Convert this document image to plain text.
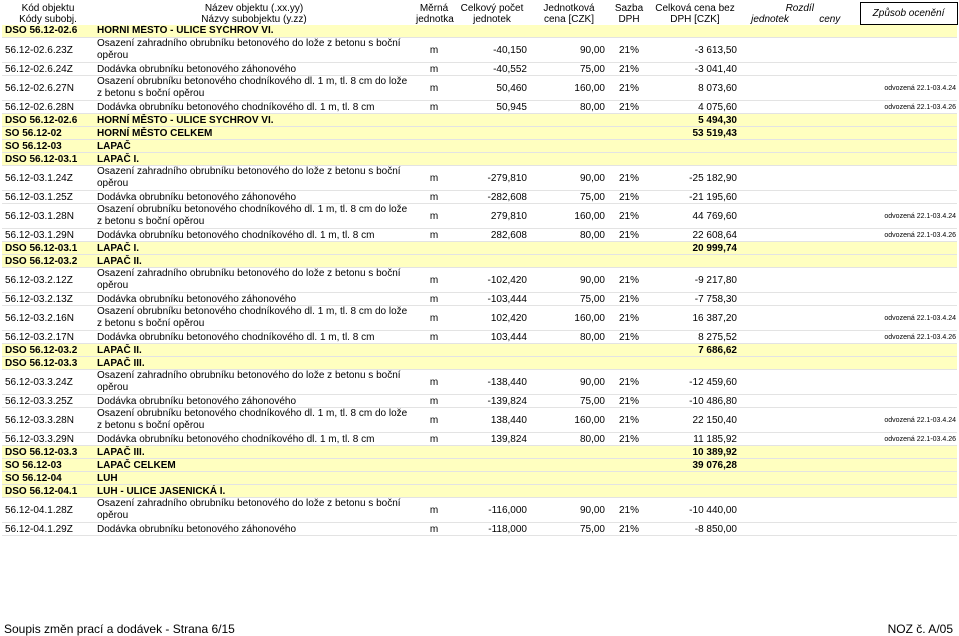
Kód objektu	Název objektu (.xx.yy)	Měrná	Celkový počet	Jednotková	Sazba	Celková cena bez	Rozdíl		Způsob ocenění
Kódy subobj.	Názvy subobjektu (y.zz)	jednotka	jednotek	cena [CZK]	DPH	DPH [CZK]	jednotek	ceny	
DSO 56.12-02.6	HORNÍ MĚSTO - ULICE SYCHROV VI.								
56.12-02.6.23Z	Osazení zahradního obrubníku betonového do lože z betonu s boční opěrou	m	-40,150	90,00	21%	-3 613,50			
56.12-02.6.24Z	Dodávka obrubníku betonového záhonového	m	-40,552	75,00	21%	-3 041,40			
56.12-02.6.27N	Osazení obrubníku betonového chodníkového dl. 1 m, tl. 8 cm do lože z betonu s boční opěrou	m	50,460	160,00	21%	8 073,60			odvozená 22.1-03.4.24
56.12-02.6.28N	Dodávka obrubníku betonového chodníkového dl. 1 m, tl. 8 cm	m	50,945	80,00	21%	4 075,60			odvozená 22.1-03.4.26
DSO 56.12-02.6	HORNÍ MĚSTO - ULICE SYCHROV VI.					5 494,30			
SO 56.12-02	HORNÍ MĚSTO CELKEM					53 519,43			
SO 56.12-03	LAPAČ								
DSO 56.12-03.1	LAPAČ I.								
56.12-03.1.24Z	Osazení zahradního obrubníku betonového do lože z betonu s boční opěrou	m	-279,810	90,00	21%	-25 182,90			
56.12-03.1.25Z	Dodávka obrubníku betonového záhonového	m	-282,608	75,00	21%	-21 195,60			
56.12-03.1.28N	Osazení obrubníku betonového chodníkového dl. 1 m, tl. 8 cm do lože z betonu s boční opěrou	m	279,810	160,00	21%	44 769,60			odvozená 22.1-03.4.24
56.12-03.1.29N	Dodávka obrubníku betonového chodníkového dl. 1 m, tl. 8 cm	m	282,608	80,00	21%	22 608,64			odvozená 22.1-03.4.26
DSO 56.12-03.1	LAPAČ I.					20 999,74			
DSO 56.12-03.2	LAPAČ II.								
56.12-03.2.12Z	Osazení zahradního obrubníku betonového do lože z betonu s boční opěrou	m	-102,420	90,00	21%	-9 217,80			
56.12-03.2.13Z	Dodávka obrubníku betonového záhonového	m	-103,444	75,00	21%	-7 758,30			
56.12-03.2.16N	Osazení obrubníku betonového chodníkového dl. 1 m, tl. 8 cm do lože z betonu s boční opěrou	m	102,420	160,00	21%	16 387,20			odvozená 22.1-03.4.24
56.12-03.2.17N	Dodávka obrubníku betonového chodníkového dl. 1 m, tl. 8 cm	m	103,444	80,00	21%	8 275,52			odvozená 22.1-03.4.26
DSO 56.12-03.2	LAPAČ II.					7 686,62			
DSO 56.12-03.3	LAPAČ III.								
56.12-03.3.24Z	Osazení zahradního obrubníku betonového do lože z betonu s boční opěrou	m	-138,440	90,00	21%	-12 459,60			
56.12-03.3.25Z	Dodávka obrubníku betonového záhonového	m	-139,824	75,00	21%	-10 486,80			
56.12-03.3.28N	Osazení obrubníku betonového chodníkového dl. 1 m, tl. 8 cm do lože z betonu s boční opěrou	m	138,440	160,00	21%	22 150,40			odvozená 22.1-03.4.24
56.12-03.3.29N	Dodávka obrubníku betonového chodníkového dl. 1 m, tl. 8 cm	m	139,824	80,00	21%	11 185,92			odvozená 22.1-03.4.26
DSO 56.12-03.3	LAPAČ III.					10 389,92			
SO 56.12-03	LAPAČ CELKEM					39 076,28			
SO 56.12-04	LUH								
DSO 56.12-04.1	LUH - ULICE JASENICKÁ I.								
56.12-04.1.28Z	Osazení zahradního obrubníku betonového do lože z betonu s boční opěrou	m	-116,000	90,00	21%	-10 440,00			
56.12-04.1.29Z	Dodávka obrubníku betonového záhonového	m	-118,000	75,00	21%	-8 850,00			
Soupis změn prací a dodávek - Strana 6/15	NOZ č. A/05
